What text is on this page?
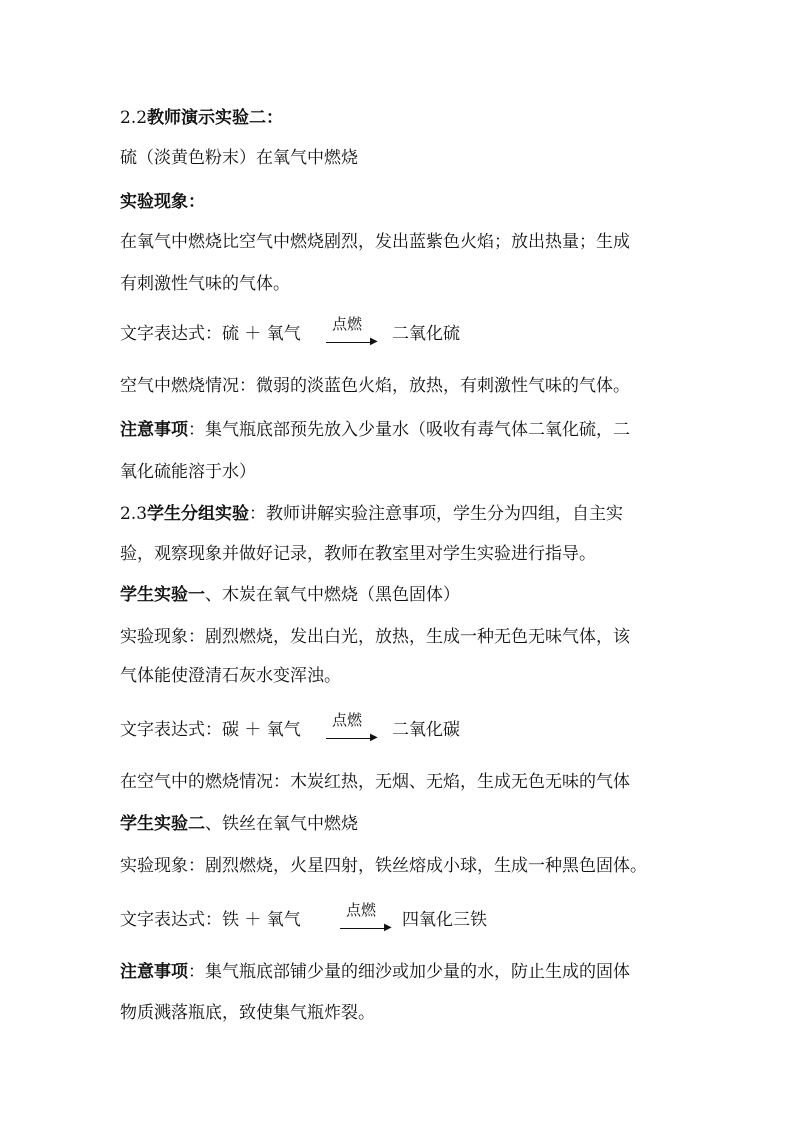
2.2教师演示实验二：
硫（淡黄色粉末）在氧气中燃烧
实验现象：
在氧气中燃烧比空气中燃烧剧烈，发出蓝紫色火焰；放出热量；生成
有刺激性气味的气体。
文字表达式：硫 ＋ 氧气 点燃
▶ 二氧化硫
空气中燃烧情况：微弱的淡蓝色火焰，放热，有刺激性气味的气体。
注意事项：集气瓶底部预先放入少量水（吸收有毒气体二氧化硫，二
氧化硫能溶于水）
2.3学生分组实验：教师讲解实验注意事项，学生分为四组，自主实
验，观察现象并做好记录，教师在教室里对学生实验进行指导。
学生实验一、木炭在氧气中燃烧（黑色固体）
实验现象：剧烈燃烧，发出白光，放热，生成一种无色无味气体，该
气体能使澄清石灰水变浑浊。
文字表达式：碳 ＋ 氧气 点燃
▶ 二氧化碳
在空气中的燃烧情况：木炭红热，无烟、无焰，生成无色无味的气体
学生实验二、铁丝在氧气中燃烧
实验现象：剧烈燃烧，火星四射，铁丝熔成小球，生成一种黑色固体。
文字表达式：铁 ＋ 氧气	点燃
▶ 四氧化三铁
注意事项：集气瓶底部铺少量的细沙或加少量的水，防止生成的固体
物质溅落瓶底，致使集气瓶炸裂。
